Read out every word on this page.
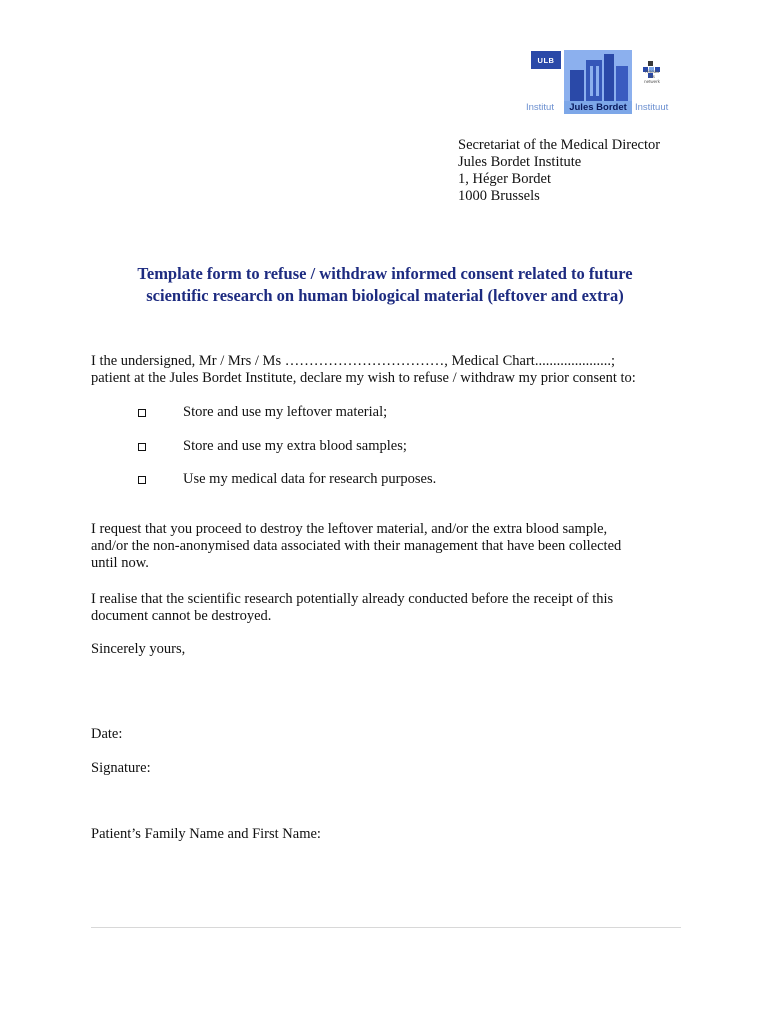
ULB
réseau
iris
netwerk
Institut	Jules Bordet Instituut
Secretariat of the Medical Director
Jules Bordet Institute
1, Héger Bordet
1000 Brussels
Template form to refuse / withdraw informed consent related to future
scientific research on human biological material (leftover and extra)
I the undersigned, Mr / Mrs / Ms ……………………………, Medical Chart.....................;
patient at the Jules Bordet Institute, declare my wish to refuse / withdraw my prior consent to:
Store and use my leftover material;
Store and use my extra blood samples;
Use my medical data for research purposes.
I request that you proceed to destroy the leftover material, and/or the extra blood sample,
and/or the non-anonymised data associated with their management that have been collected
until now.
I realise that the scientific research potentially already conducted before the receipt of this
document cannot be destroyed.
Sincerely yours,
Date:
Signature:
Patient’s Family Name and First Name:
